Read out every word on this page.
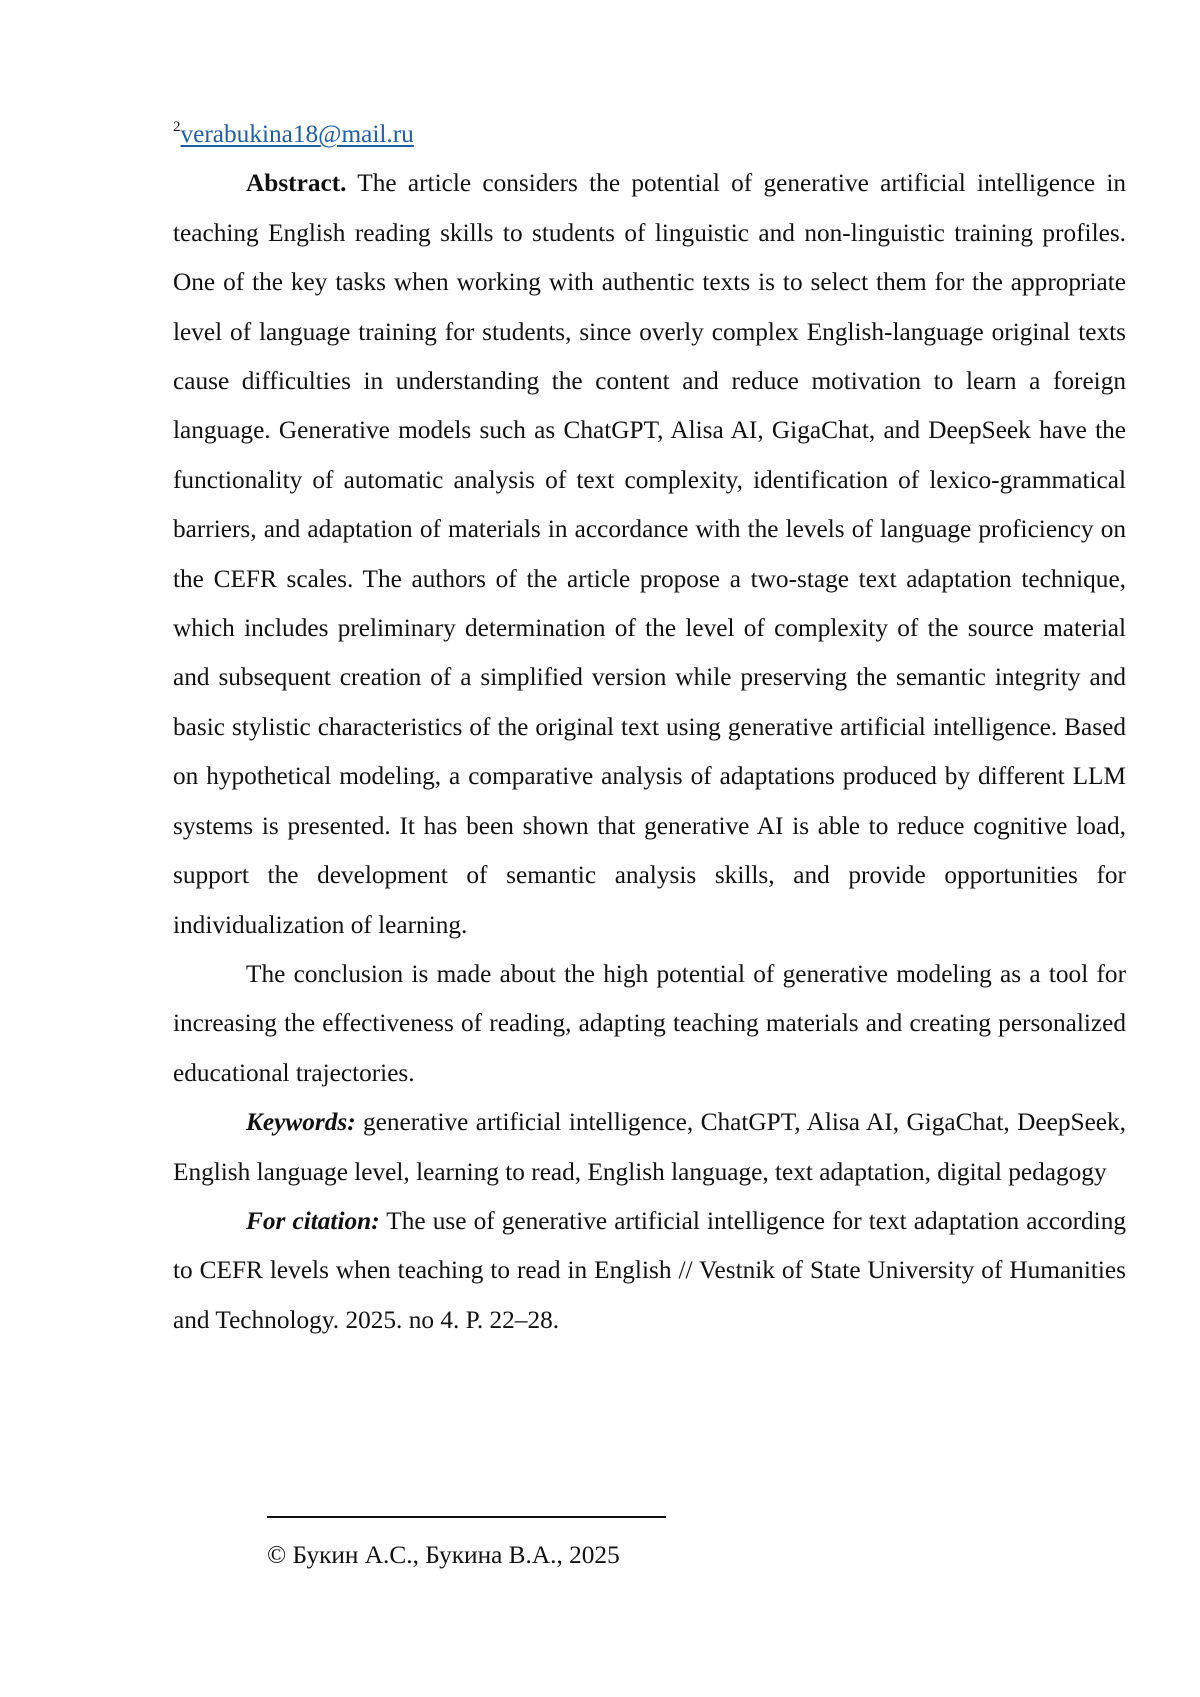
$^2$verabukina18@mail.ru

Abstract. The article considers the potential of generative artificial intelligence in teaching English reading skills to students of linguistic and non-linguistic training profiles. One of the key tasks when working with authentic texts is to select them for the appropriate level of language training for students, since overly complex English-language original texts cause difficulties in understanding the content and reduce motivation to learn a foreign language. Generative models such as ChatGPT, Alisa AI, GigaChat, and DeepSeek have the functionality of automatic analysis of text complexity, identification of lexico-grammatical barriers, and adaptation of materials in accordance with the levels of language proficiency on the CEFR scales. The authors of the article propose a two-stage text adaptation technique, which includes preliminary determination of the level of complexity of the source material and subsequent creation of a simplified version while preserving the semantic integrity and basic stylistic characteristics of the original text using generative artificial intelligence. Based on hypothetical modeling, a comparative analysis of adaptations produced by different LLM systems is presented. It has been shown that generative AI is able to reduce cognitive load, support the development of semantic analysis skills, and provide opportunities for individualization of learning.

The conclusion is made about the high potential of generative modeling as a tool for increasing the effectiveness of reading, adapting teaching materials and creating personalized educational trajectories.

Keywords: generative artificial intelligence, ChatGPT, Alisa AI, GigaChat, DeepSeek, English language level, learning to read, English language, text adaptation, digital pedagogy

For citation: The use of generative artificial intelligence for text adaptation according to CEFR levels when teaching to read in English // Vestnik of State University of Humanities and Technology. 2025. no 4. P. 22–28.

© Букин А.С., Букина В.А., 2025
